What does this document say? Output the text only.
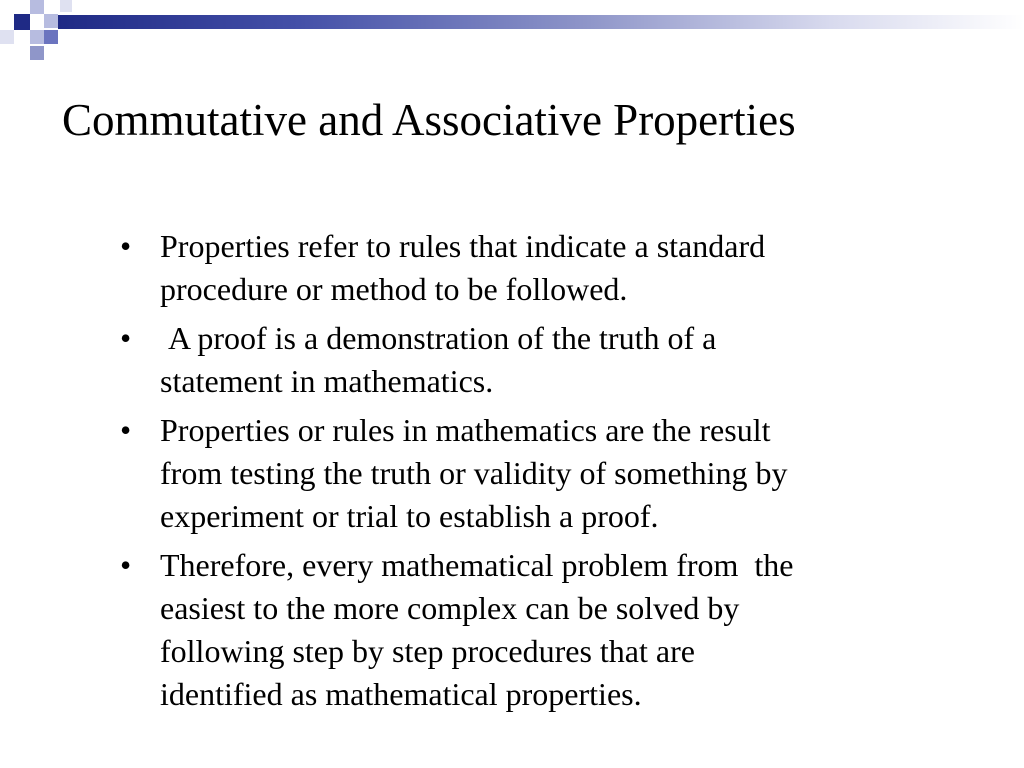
Commutative and Associative Properties
• Properties refer to rules that indicate a standard
procedure or method to be followed.
•	A proof is a demonstration of the truth of a
statement in mathematics.
• Properties or rules in mathematics are the result
from testing the truth or validity of something by
experiment or trial to establish a proof.
• Therefore, every mathematical problem from  the
easiest to the more complex can be solved by
following step by step procedures that are
identified as mathematical properties.
